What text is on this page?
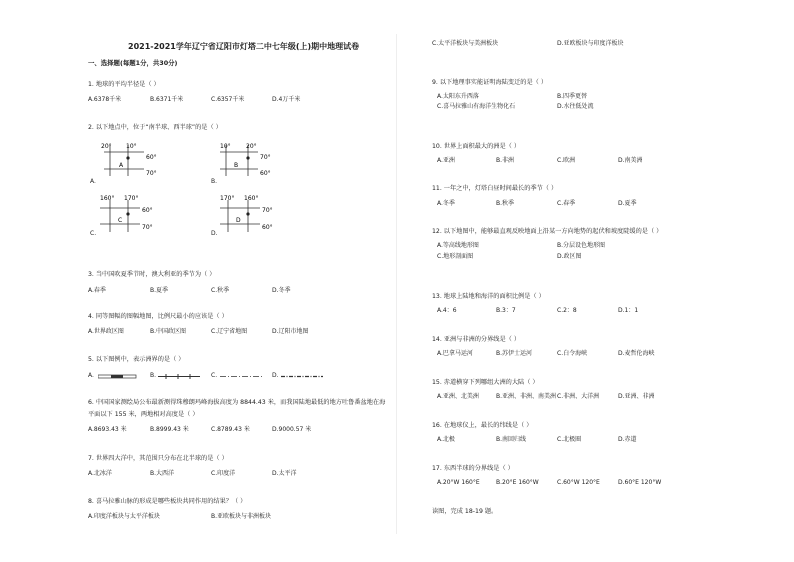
2021-2021学年辽宁省辽阳市灯塔二中七年级(上)期中地理试卷
一、选择题(每题1分，共30分)
1. 地球的平均半径是（ ）
A.6378千米	B.6371千米	C.6357千米	D.4万千米
2. 以下地点中，位于“南半球、西半球”的是（ ）
20° 10°
60°
70°
A
A.
10°	20°
70°
60°
B
B.
160° 170°
60°
70°
C
C.
170° 160°
70°
60°
D
D.
3. 当中国吹夏季节时，澳大利亚的季节为（ ）
A.春季	B.夏季	C.秋季	D.冬季
4. 同等图幅的图幅地图，比例尺最小的应该是（ ）
A.世界政区图	B.中国政区图	C.辽宁省地图	D.辽阳市地图
5. 以下图例中，表示洲界的是（ ）
A.	B.	C.	D.
6. 中国国家测绘局公布最新测得珠穆朗玛峰海拔高度为 8844.43 米，而我国陆地最低的地方吐鲁番盆地在海
平面以下 155 米，两地相对高度是（ ）
A.8693.43 米	B.8999.43 米	C.8789.43 米	D.9000.57 米
7. 世界四大洋中，其范围只分布在北半球的是（ ）
A.北冰洋	B.大西洋	C.印度洋	D.太平洋
8. 喜马拉雅山脉的形成是哪些板块共同作用的结果？（ ）
A.印度洋板块与太平洋板块	B.亚欧板块与非洲板块
C.太平洋板块与美洲板块	D.亚欧板块与印度洋板块
9. 以下地理事实能证明海陆变迁的是（ ）
A.太阳东升西落	B.四季更替
C.喜马拉雅山有海洋生物化石	D.水往低处流
10. 世界上面积最大的洲是（ ）
A.亚洲	B.非洲	C.欧洲	D.南美洲
11. 一年之中，灯塔白昼时间最长的季节（ ）
A.冬季	B.秋季	C.春季	D.夏季
12. 以下地图中，能够最直观反映地面上沿某一方向地势的起伏和坡度陡缓的是（ ）
A.等高线地形图	B.分层设色地形图
C.地形剖面图	D.政区图
13. 地球上陆地和海洋的面积比例是（ ）
A.4：6	B.3：7	C.2：8	D.1：1
14. 亚洲与非洲的分界线是（ ）
A.巴拿马运河	B.苏伊士运河	C.白令海峡	D.麦哲伦海峡
15. 赤道横穿下列哪组大洲的大陆（ ）
A.亚洲、北美洲	B.亚洲、非洲、南美洲 C.非洲、大洋洲	D.亚洲、非洲
16. 在地球仪上，最长的纬线是（ ）
A.北极	B.南回归线	C.北极圈	D.赤道
17. 东西半球的分界线是（ ）
A.20°W 160°E	B.20°E 160°W	C.60°W 120°E	D.60°E 120°W
读图，完成 18-19 题。
